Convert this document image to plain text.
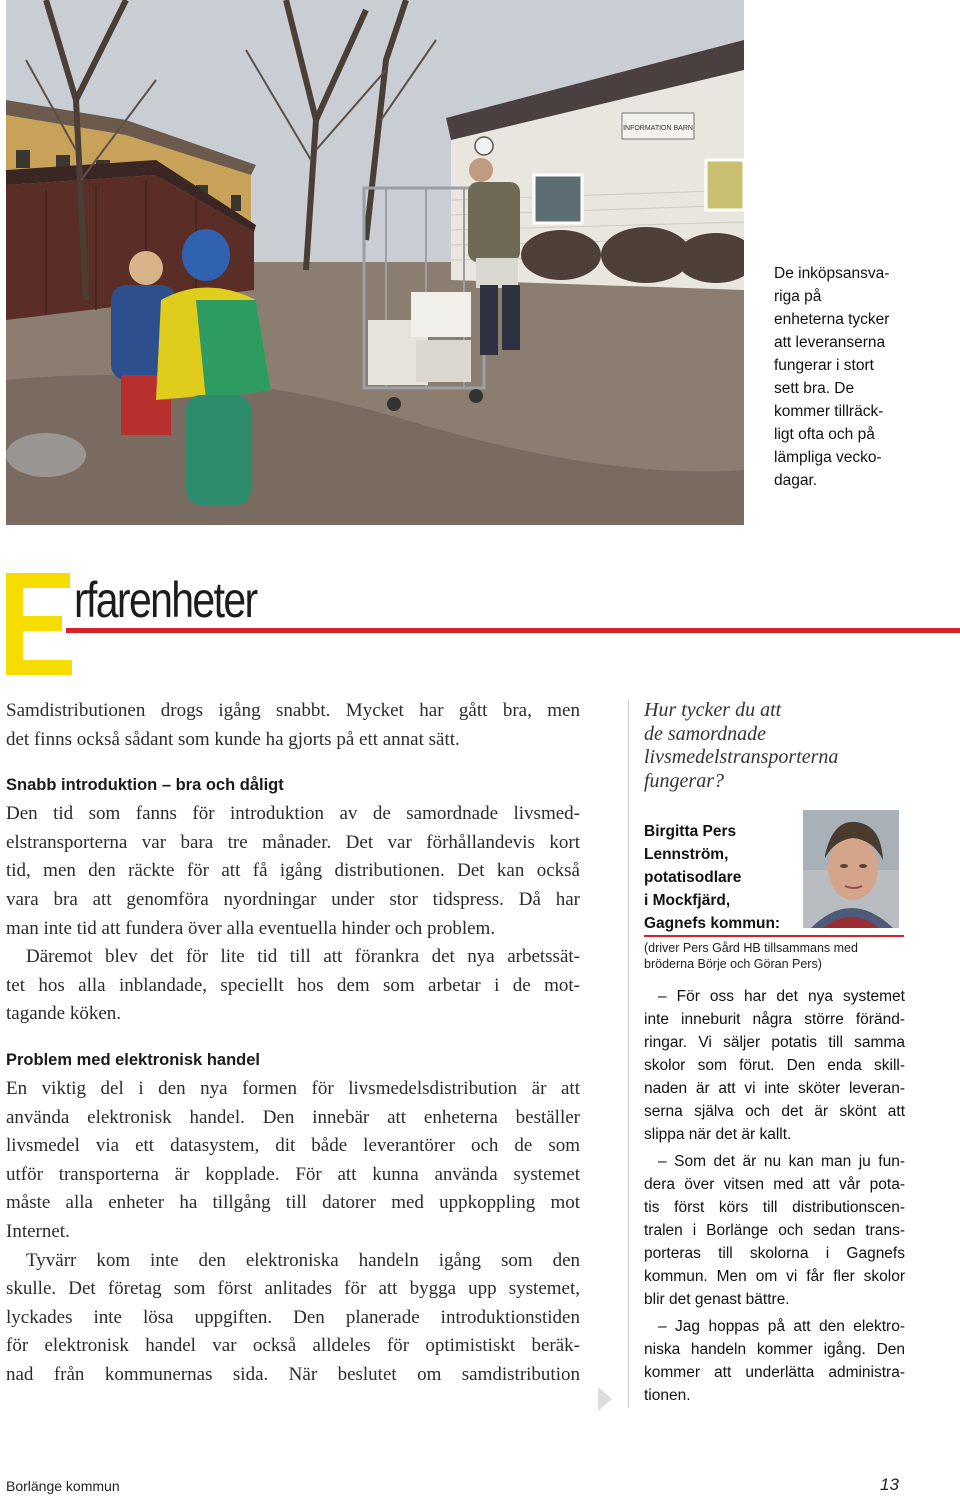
INFORMATION BARN
De inköpsansva-
riga på
enheterna tycker
att leveranserna
fungerar i stort
sett bra. De
kommer tillräck-
ligt ofta och på
lämpliga vecko-
dagar.
rfarenheter

Samdistributionen drogs igång snabbt. Mycket har gått bra, men
det finns också sådant som kunde ha gjorts på ett annat sätt.

Snabb introduktion – bra och dåligt

Den tid som fanns för introduktion av de samordnade livsmed-
elstransporterna var bara tre månader. Det var förhållandevis kort
tid, men den räckte för att få igång distributionen. Det kan också
vara bra att genomföra nyordningar under stor tidspress. Då har
man inte tid att fundera över alla eventuella hinder och problem.

Däremot blev det för lite tid till att förankra det nya arbetssät-
tet hos alla inblandade, speciellt hos dem som arbetar i de mot-
tagande köken.

Problem med elektronisk handel

En viktig del i den nya formen för livsmedelsdistribution är att
använda elektronisk handel. Den innebär att enheterna beställer
livsmedel via ett datasystem, dit både leverantörer och de som
utför transporterna är kopplade. För att kunna använda systemet
måste alla enheter ha tillgång till datorer med uppkoppling mot
Internet.

Tyvärr kom inte den elektroniska handeln igång som den
skulle. Det företag som först anlitades för att bygga upp systemet,
lyckades inte lösa uppgiften. Den planerade introduktionstiden
för elektronisk handel var också alldeles för optimistiskt beräk-
nad från kommunernas sida. När beslutet om samdistribution

Hur tycker du att
de samordnade
livsmedelstransporterna
fungerar?
Birgitta Pers
Lennström,
potatisodlare
i Mockfjärd,
Gagnefs kommun:
(driver Pers Gård HB tillsammans med
bröderna Börje och Göran Pers)

– För oss har det nya systemet
inte inneburit några större föränd-
ringar. Vi säljer potatis till samma
skolor som förut. Den enda skill-
naden är att vi inte sköter leveran-
serna själva och det är skönt att
slippa när det är kallt.

– Som det är nu kan man ju fun-
dera över vitsen med att vår pota-
tis först körs till distributionscen-
tralen i Borlänge och sedan trans-
porteras till skolorna i Gagnefs
kommun. Men om vi får fler skolor
blir det genast bättre.

– Jag hoppas på att den elektro-
niska handeln kommer igång. Den
kommer att underlätta administra-
tionen.

Borlänge kommun	13
